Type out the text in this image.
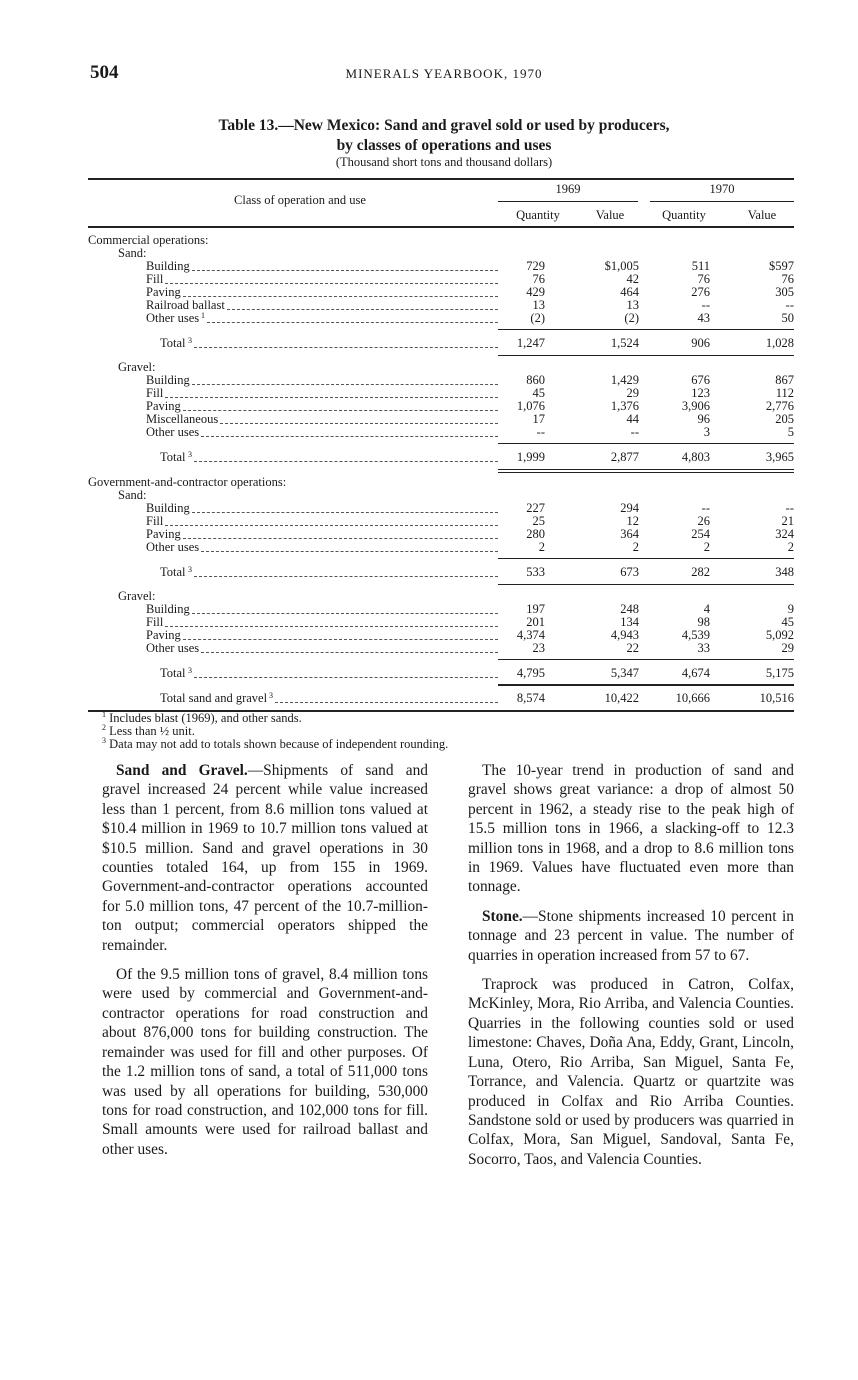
504	MINERALS YEARBOOK, 1970
Table 13.—New Mexico: Sand and gravel sold or used by producers,
by classes of operations and uses
(Thousand short tons and thousand dollars)
Class of operation and use
1969	1970
Quantity	Value	Quantity	Value
Commercial operations:
Sand:
Building	729	$1,005	511	$597
Fill	76	42	76	76
Paving	429	464	276	305
Railroad ballast	13	13	--	--
Other uses 1	(2)	(2)	43	50
Total 3	1,247	1,524	906	1,028
Gravel:
Building	860	1,429	676	867
Fill	45	29	123	112
Paving	1,076	1,376	3,906	2,776
Miscellaneous	17	44	96	205
Other uses	--	--	3	5
Total 3	1,999	2,877	4,803	3,965
Government-and-contractor operations:
Sand:
Building	227	294	--	--
Fill	25	12	26	21
Paving	280	364	254	324
Other uses	2	2	2	2
Total 3	533	673	282	348
Gravel:
Building	197	248	4	9
Fill	201	134	98	45
Paving	4,374	4,943	4,539	5,092
Other uses	23	22	33	29
Total 3	4,795	5,347	4,674	5,175
Total sand and gravel 3	8,574	10,422	10,666	10,516
$^1$ Includes blast (1969), and other sands.
$^2$ Less than ½ unit.
$^3$ Data may not add to totals shown because of independent rounding.

Sand and Gravel.—Shipments of sand and gravel increased 24 percent while value increased less than 1 percent, from 8.6 million tons valued at $10.4 million in 1969 to 10.7 million tons valued at $10.5 million. Sand and gravel operations in 30 counties totaled 164, up from 155 in 1969. Government-and-contractor operations accounted for 5.0 million tons, 47 percent of the 10.7-million-ton output; commercial operators shipped the remainder.

Of the 9.5 million tons of gravel, 8.4 million tons were used by commercial and Government-and-contractor operations for road construction and about 876,000 tons for building construction. The remainder was used for fill and other purposes. Of the 1.2 million tons of sand, a total of 511,000 tons was used by all operations for building, 530,000 tons for road construction, and 102,000 tons for fill. Small amounts were used for railroad ballast and other uses.

The 10-year trend in production of sand and gravel shows great variance: a drop of almost 50 percent in 1962, a steady rise to the peak high of 15.5 million tons in 1966, a slacking-off to 12.3 million tons in 1968, and a drop to 8.6 million tons in 1969. Values have fluctuated even more than tonnage.

Stone.—Stone shipments increased 10 percent in tonnage and 23 percent in value. The number of quarries in operation increased from 57 to 67.

Traprock was produced in Catron, Colfax, McKinley, Mora, Rio Arriba, and Valencia Counties. Quarries in the following counties sold or used limestone: Chaves, Doña Ana, Eddy, Grant, Lincoln, Luna, Otero, Rio Arriba, San Miguel, Santa Fe, Torrance, and Valencia. Quartz or quartzite was produced in Colfax and Rio Arriba Counties. Sandstone sold or used by producers was quarried in Colfax, Mora, San Miguel, Sandoval, Santa Fe, Socorro, Taos, and Valencia Counties.
